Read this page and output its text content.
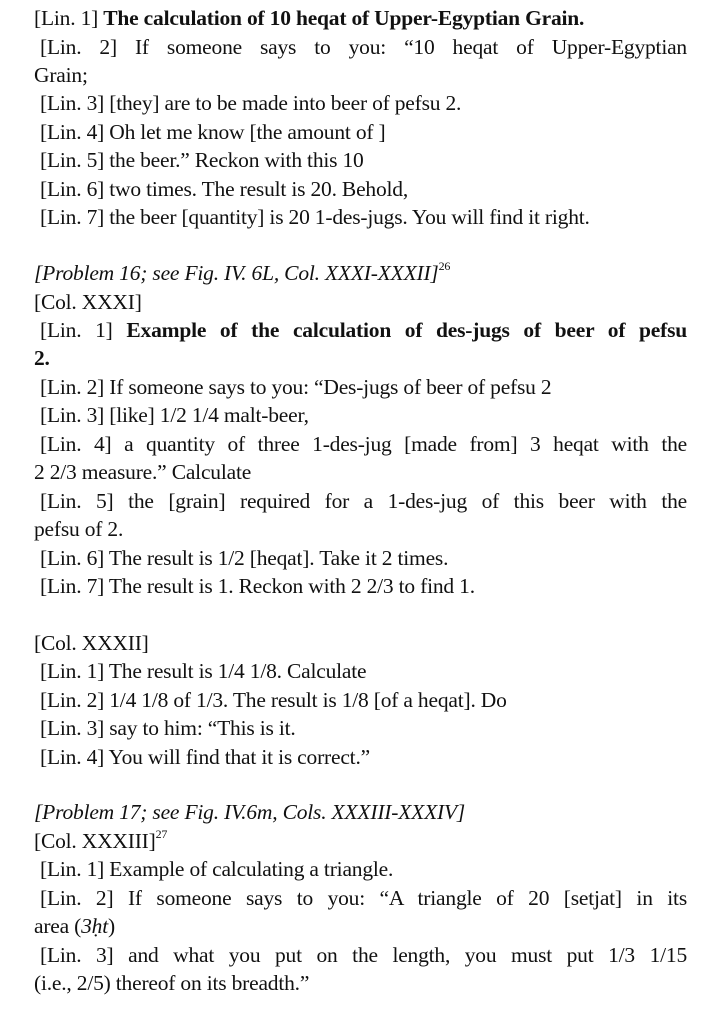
[Lin. 1] The calculation of 10 heqat of Upper-Egyptian Grain.
[Lin. 2] If someone says to you: “10 heqat of Upper-Egyptian
Grain;
[Lin. 3] [they] are to be made into beer of pefsu 2.
[Lin. 4] Oh let me know [the amount of ]
[Lin. 5] the beer.” Reckon with this 10
[Lin. 6] two times. The result is 20. Behold,
[Lin. 7] the beer [quantity] is 20 1-des-jugs. You will find it right.
[Problem 16; see Fig. IV. 6L, Col. XXXI-XXXII]$^{26}$
[Col. XXXI]
[Lin. 1] Example of the calculation of des-jugs of beer of pefsu
2.
[Lin. 2] If someone says to you: “Des-jugs of beer of pefsu 2
[Lin. 3] [like] 1/2 1/4 malt-beer,
[Lin. 4] a quantity of three 1-des-jug [made from] 3 heqat with the
2 2/3 measure.” Calculate
[Lin. 5] the [grain] required for a 1-des-jug of this beer with the
pefsu of 2.
[Lin. 6] The result is 1/2 [heqat]. Take it 2 times.
[Lin. 7] The result is 1. Reckon with 2 2/3 to find 1.
[Col. XXXII]
[Lin. 1] The result is 1/4 1/8. Calculate
[Lin. 2] 1/4 1/8 of 1/3. The result is 1/8 [of a heqat]. Do
[Lin. 3] say to him: “This is it.
[Lin. 4] You will find that it is correct.”
[Problem 17; see Fig. IV.6m, Cols. XXXIII-XXXIV]
[Col. XXXIII]$^{27}$
[Lin. 1] Example of calculating a triangle.
[Lin. 2] If someone says to you: “A triangle of 20 [setjat] in its
area (3ḥt)
[Lin. 3] and what you put on the length, you must put 1/3 1/15
(i.e., 2/5) thereof on its breadth.”
